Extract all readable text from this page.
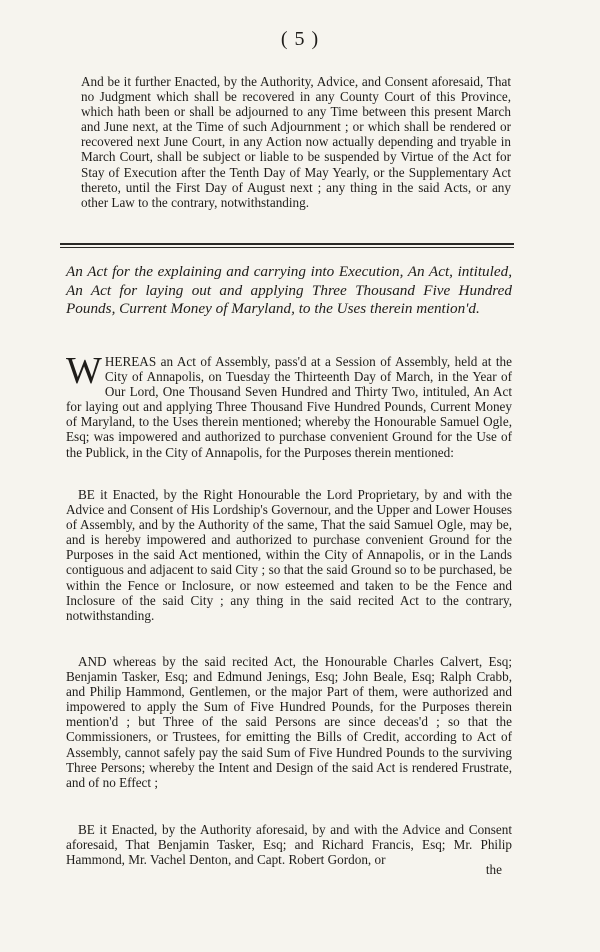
( 5 )

And be it further Enacted, by the Authority, Advice, and Consent aforesaid, That no Judgment which shall be recovered in any County Court of this Province, which hath been or shall be adjourned to any Time between this present March and June next, at the Time of such Adjournment ; or which shall be rendered or recovered next June Court, in any Action now actually depending and tryable in March Court, shall be subject or liable to be suspended by Virtue of the Act for Stay of Execution after the Tenth Day of May Yearly, or the Supplementary Act thereto, until the First Day of August next ; any thing in the said Acts, or any other Law to the contrary, notwithstanding.

An Act for the explaining and carrying into Execution, An Act, intituled, An Act for laying out and applying Three Thousand Five Hundred Pounds, Current Money of Maryland, to the Uses therein mention'd.

WHEREAS an Act of Assembly, pass'd at a Session of Assembly, held at the City of Annapolis, on Tuesday the Thirteenth Day of March, in the Year of Our Lord, One Thousand Seven Hundred and Thirty Two, intituled, An Act for laying out and applying Three Thousand Five Hundred Pounds, Current Money of Maryland, to the Uses therein mentioned; whereby the Honourable Samuel Ogle, Esq; was impowered and authorized to purchase convenient Ground for the Use of the Publick, in the City of Annapolis, for the Purposes therein mentioned:

BE it Enacted, by the Right Honourable the Lord Proprietary, by and with the Advice and Consent of His Lordship's Governour, and the Upper and Lower Houses of Assembly, and by the Authority of the same, That the said Samuel Ogle, may be, and is hereby impowered and authorized to purchase convenient Ground for the Purposes in the said Act mentioned, within the City of Annapolis, or in the Lands contiguous and adjacent to said City ; so that the said Ground so to be purchased, be within the Fence or Inclosure, or now esteemed and taken to be the Fence and Inclosure of the said City ; any thing in the said recited Act to the contrary, notwithstanding.

AND whereas by the said recited Act, the Honourable Charles Calvert, Esq; Benjamin Tasker, Esq; and Edmund Jenings, Esq; John Beale, Esq; Ralph Crabb, and Philip Hammond, Gentlemen, or the major Part of them, were authorized and impowered to apply the Sum of Five Hundred Pounds, for the Purposes therein mention'd ; but Three of the said Persons are since deceas'd ; so that the Commissioners, or Trustees, for emitting the Bills of Credit, according to Act of Assembly, cannot safely pay the said Sum of Five Hundred Pounds to the surviving Three Persons; whereby the Intent and Design of the said Act is rendered Frustrate, and of no Effect ;

BE it Enacted, by the Authority aforesaid, by and with the Advice and Consent aforesaid, That Benjamin Tasker, Esq; and Richard Francis, Esq; Mr. Philip Hammond, Mr. Vachel Denton, and Capt. Robert Gordon, or

the
